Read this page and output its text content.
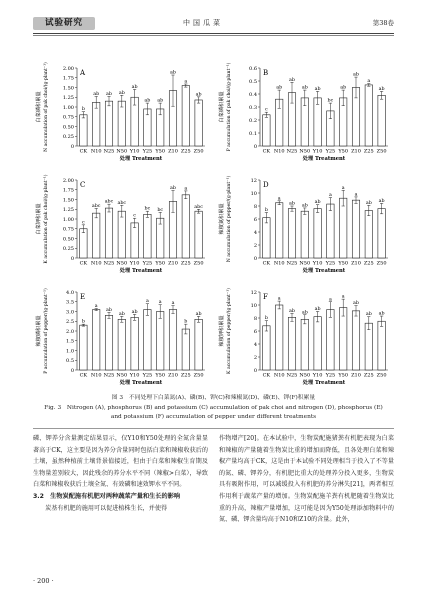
试验研究	中国瓜菜	第38卷
A
白菜磷积累量 N accumulation of pak choi/(g·plant⁻¹)	0
0.25
0.50
0.75
1.00
1.25
1.50
1.75
2.00
b
CK
ab
N10
ab
N25
ab
N50
ab
Y10
ab
Y25
ab
Y50
ab
Z10
a
Z25
ab
Z50
处理 Treatment
B
白菜磷积累量 P accumulation of pak choi/(g·plant⁻¹)	0
0.1
0.2
0.3
0.4
0.5
0.6
c
CK
ab
N10
ab
N25
ab
N50
ab
Y10
bc
Y25
ab
Y50
ab
Z10
a
Z25
ab
Z50
处理 Treatment
C
白菜钾积累量 K accumulation of pak choi/(g·plant⁻¹)	0
0.25
0.50
0.75
1.00
1.25
1.50
1.75
2.00
c
CK
abc
N10
abc
N25
abc
N50
c
Y10
bc
Y25
bc
Y50
ab
Z10
a
Z25
abc
Z50
处理 Treatment
D
辣椒氮积累量 N accumulation of pepper/(g·plant⁻¹)	0
2
4
6
8
10
12
b
CK
a
N10
ab
N25
ab
N50
ab
Y10
a
Y25
a
Y50
a
Z10
ab
Z25
ab
Z50
处理 Treatment
E
辣椒磷积累量 P accumulation of pepper/(g·plant⁻¹)	0
0.5
1.0
1.5
2.0
2.5
3.0
3.5
4.0
b
CK
a
N10
ab
N25
ab
N50
ab
Y10
a
Y25
a
Y50
a
Z10
b
Z25
ab
Z50
处理 Treatment
F
辣椒钾积累量 K accumulation of pepper/(g·plant⁻¹)	0
2
4
6
8
10
12
b
CK
a
N10
ab
N25
ab
N50
ab
Y10
a
Y25
a
Y50
ab
Z10
ab
Z25
ab
Z50
处理 Treatment
图 3　不同处理下白菜氮(A)、磷(B)、钾(C)和辣椒氮(D)、磷(E)、钾(F)积累量
Fig. 3　Nitrogen (A), phosphorus (B) and potassium (C) accumulation of pak choi and nitrogen (D), phosphorus (E)
and potassium (F) accumulation of pepper under different treatments
磷、钾养分含量测定结果显示，仅Y10和Y50处理的全氮含量显著高于CK，这主要是因为养分含量同时包括白菜和辣椒收获后的土壤，虽然种植前土壤背景值接近，但由于白菜和辣椒生育期及生物量差别较大，因此残余的养分水平不同（辣椒>白菜），导致白菜和辣椒收获后土壤全氮、有效磷和速效钾水平不同。
3.2　生物炭配施有机肥对两种蔬菜产量和生长的影响
　　炭基有机肥的施用可以促进植株生长，并使得
作物增产[20]。在本试验中，生物炭配施猪粪有机肥表现为白菜和辣椒的产量随着生物炭比重的增加而降低，且各处理白菜和辣椒产量均高于CK，这是由于本试验不同处理相当于投入了不等量的氮、磷、钾养分，有机肥比重大的处理养分投入更多，生物炭具有吸附作用，可以减缓投入有机肥的养分淋失[21]，两者相互作用利于蔬菜产量的增加。生物炭配施羊粪有机肥随着生物炭比重的升高，辣椒产量增加，这可能是因为Y50处理添加物料中的氮、磷、钾含量均高于N10和Z10的含量。此外，
· 200 ·
